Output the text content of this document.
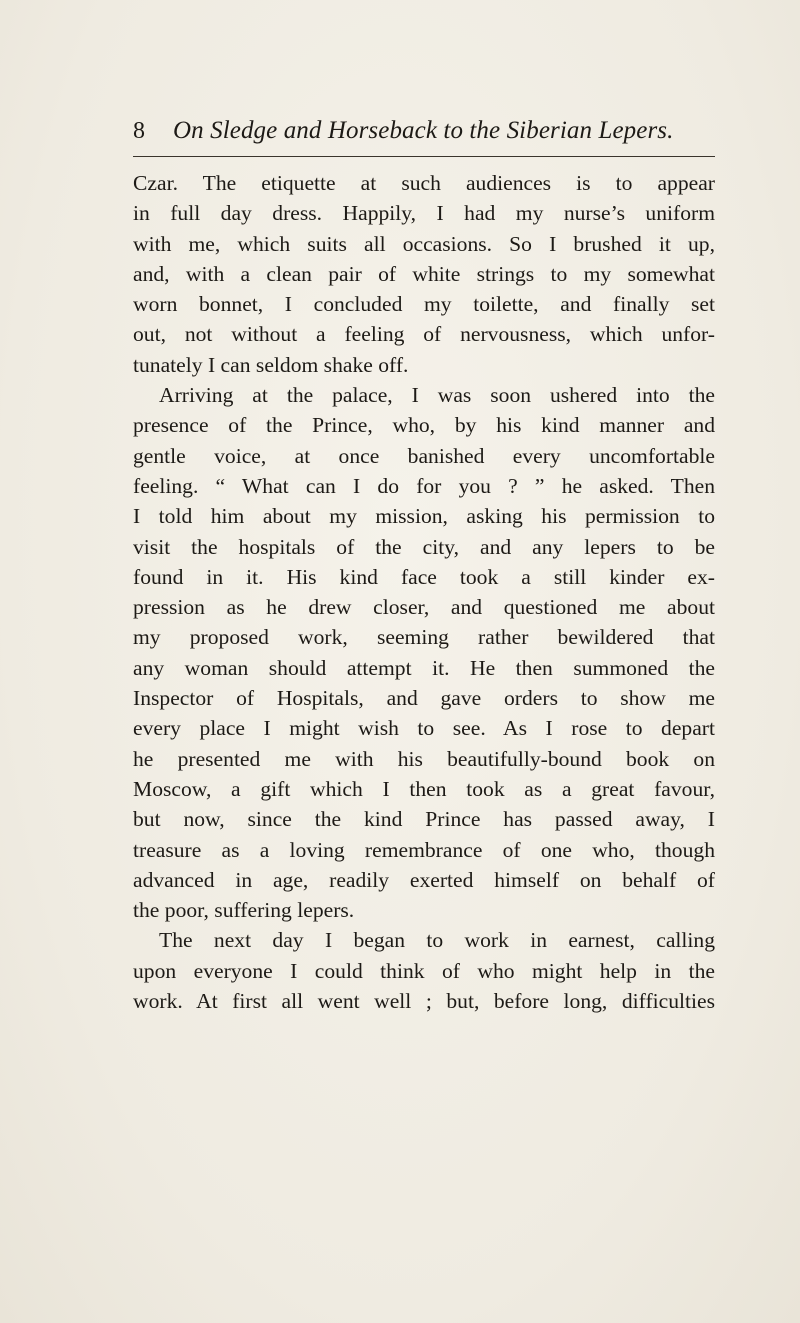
8 On Sledge and Horseback to the Siberian Lepers.
Czar. The etiquette at such audiences is to appear
in full day dress. Happily, I had my nurse’s uniform
with me, which suits all occasions. So I brushed it up,
and, with a clean pair of white strings to my somewhat
worn bonnet, I concluded my toilette, and finally set
out, not without a feeling of nervousness, which unfor-
tunately I can seldom shake off.
Arriving at the palace, I was soon ushered into the
presence of the Prince, who, by his kind manner and
gentle voice, at once banished every uncomfortable
feeling. “ What can I do for you ? ” he asked. Then
I told him about my mission, asking his permission to
visit the hospitals of the city, and any lepers to be
found in it. His kind face took a still kinder ex-
pression as he drew closer, and questioned me about
my proposed work, seeming rather bewildered that
any woman should attempt it. He then summoned the
Inspector of Hospitals, and gave orders to show me
every place I might wish to see. As I rose to depart
he presented me with his beautifully-bound book on
Moscow, a gift which I then took as a great favour,
but now, since the kind Prince has passed away, I
treasure as a loving remembrance of one who, though
advanced in age, readily exerted himself on behalf of
the poor, suffering lepers.
The next day I began to work in earnest, calling
upon everyone I could think of who might help in the
work. At first all went well ; but, before long, difficulties
